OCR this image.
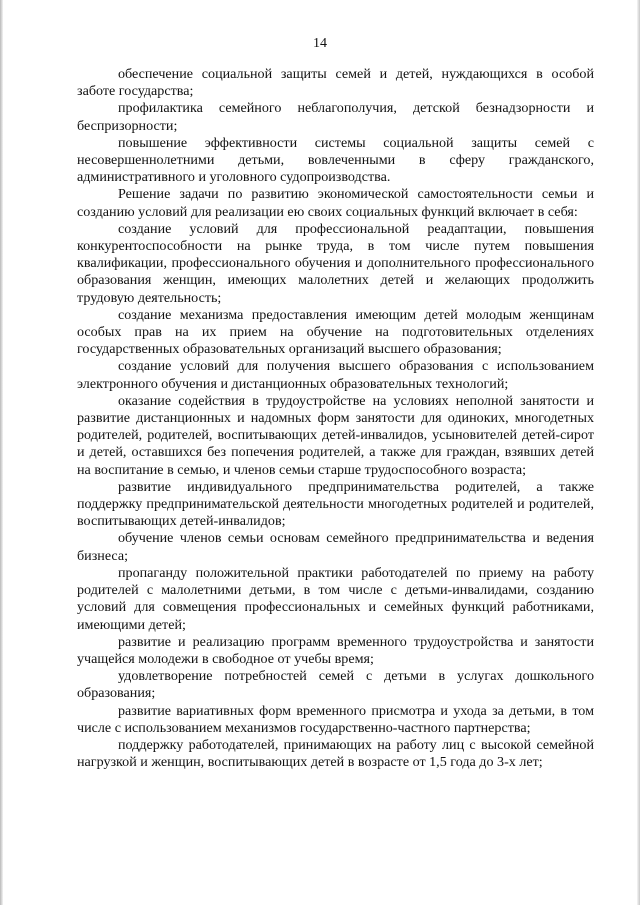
14

обеспечение социальной защиты семей и детей, нуждающихся в особой заботе государства;

профилактика семейного неблагополучия, детской безнадзорности и беспризорности;

повышение эффективности системы социальной защиты семей с несовершеннолетними детьми, вовлеченными в сферу гражданского, административного и уголовного судопроизводства.

Решение задачи по развитию экономической самостоятельности семьи и созданию условий для реализации ею своих социальных функций включает в себя:

создание условий для профессиональной реадаптации, повышения конкурентоспособности на рынке труда, в том числе путем повышения квалификации, профессионального обучения и дополнительного профессионального образования женщин, имеющих малолетних детей и желающих продолжить трудовую деятельность;

создание механизма предоставления имеющим детей молодым женщинам особых прав на их прием на обучение на подготовительных отделениях государственных образовательных организаций высшего образования;

создание условий для получения высшего образования с использованием электронного обучения и дистанционных образовательных технологий;

оказание содействия в трудоустройстве на условиях неполной занятости и развитие дистанционных и надомных форм занятости для одиноких, многодетных родителей, родителей, воспитывающих детей-инвалидов, усыновителей детей-сирот и детей, оставшихся без попечения родителей, а также для граждан, взявших детей на воспитание в семью, и членов семьи старше трудоспособного возраста;

развитие индивидуального предпринимательства родителей, а также поддержку предпринимательской деятельности многодетных родителей и родителей, воспитывающих детей-инвалидов;

обучение членов семьи основам семейного предпринимательства и ведения бизнеса;

пропаганду положительной практики работодателей по приему на работу родителей с малолетними детьми, в том числе с детьми-инвалидами, созданию условий для совмещения профессиональных и семейных функций работниками, имеющими детей;

развитие и реализацию программ временного трудоустройства и занятости учащейся молодежи в свободное от учебы время;

удовлетворение потребностей семей с детьми в услугах дошкольного образования;

развитие вариативных форм временного присмотра и ухода за детьми, в том числе с использованием механизмов государственно-частного партнерства;

поддержку работодателей, принимающих на работу лиц с высокой семейной нагрузкой и женщин, воспитывающих детей в возрасте от 1,5 года до 3-х лет;
